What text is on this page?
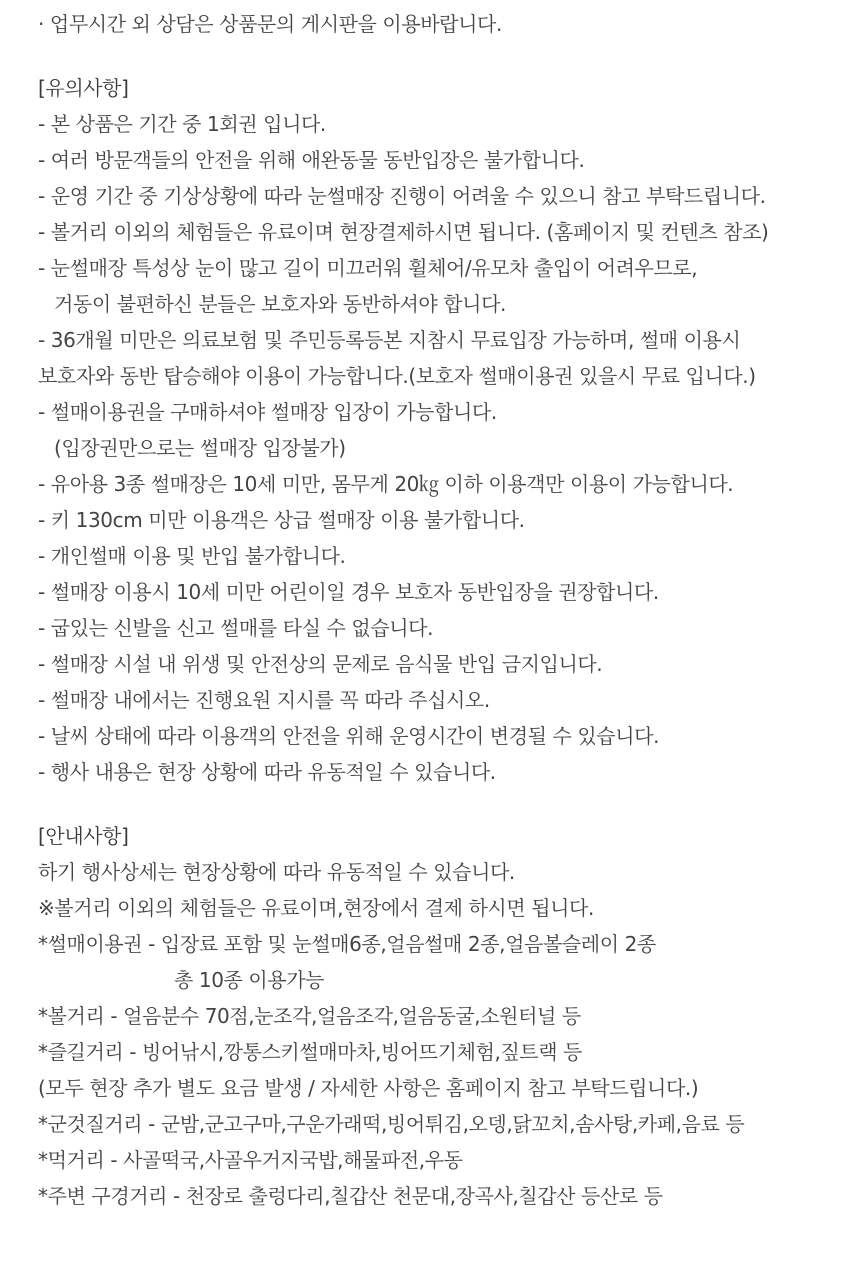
· 업무시간 외 상담은 상품문의 게시판을 이용바랍니다.
[유의사항]
- 본 상품은 기간 중 1회권 입니다.
- 여러 방문객들의 안전을 위해 애완동물 동반입장은 불가합니다.
- 운영 기간 중 기상상황에 따라 눈썰매장 진행이 어려울 수 있으니 참고 부탁드립니다.
- 볼거리 이외의 체험들은 유료이며 현장결제하시면 됩니다. (홈페이지 및 컨텐츠 참조)
- 눈썰매장 특성상 눈이 많고 길이 미끄러워 휠체어/유모차 출입이 어려우므로,
거동이 불편하신 분들은 보호자와 동반하셔야 합니다.
- 36개월 미만은 의료보험 및 주민등록등본 지참시 무료입장 가능하며, 썰매 이용시
보호자와 동반 탑승해야 이용이 가능합니다.(보호자 썰매이용권 있을시 무료 입니다.)
- 썰매이용권을 구매하셔야 썰매장 입장이 가능합니다.
(입장권만으로는 썰매장 입장불가)
- 유아용 3종 썰매장은 10세 미만, 몸무게 20㎏ 이하 이용객만 이용이 가능합니다.
- 키 130cm 미만 이용객은 상급 썰매장 이용 불가합니다.
- 개인썰매 이용 및 반입 불가합니다.
- 썰매장 이용시 10세 미만 어린이일 경우 보호자 동반입장을 권장합니다.
- 굽있는 신발을 신고 썰매를 타실 수 없습니다.
- 썰매장 시설 내 위생 및 안전상의 문제로 음식물 반입 금지입니다.
- 썰매장 내에서는 진행요원 지시를 꼭 따라 주십시오.
- 날씨 상태에 따라 이용객의 안전을 위해 운영시간이 변경될 수 있습니다.
- 행사 내용은 현장 상황에 따라 유동적일 수 있습니다.
[안내사항]
하기 행사상세는 현장상황에 따라 유동적일 수 있습니다.
※볼거리 이외의 체험들은 유료이며,현장에서 결제 하시면 됩니다.
*썰매이용권 - 입장료 포함 및 눈썰매6종,얼음썰매 2종,얼음볼슬레이 2종
총 10종 이용가능
*볼거리 - 얼음분수 70점,눈조각,얼음조각,얼음동굴,소원터널 등
*즐길거리 - 빙어낚시,깡통스키썰매마차,빙어뜨기체험,짚트랙 등
(모두 현장 추가 별도 요금 발생 / 자세한 사항은 홈페이지 참고 부탁드립니다.)
*군것질거리 - 군밤,군고구마,구운가래떡,빙어튀김,오뎅,닭꼬치,솜사탕,카페,음료 등
*먹거리 - 사골떡국,사골우거지국밥,해물파전,우동
*주변 구경거리 - 천장로 출렁다리,칠갑산 천문대,장곡사,칠갑산 등산로 등
